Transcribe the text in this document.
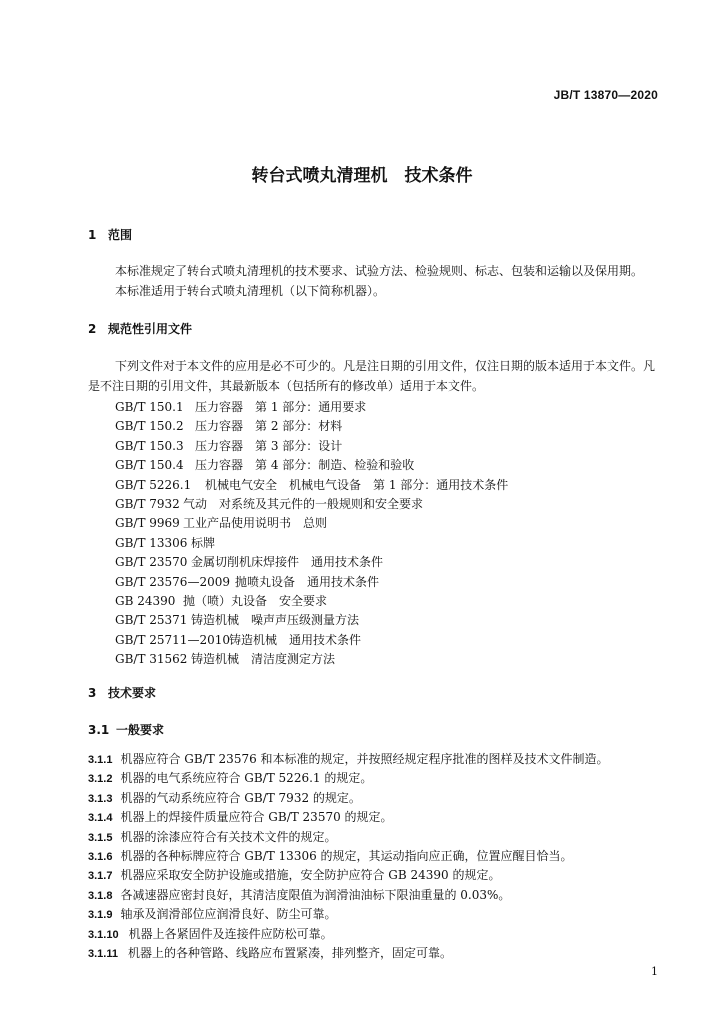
JB/T 13870—2020
转台式喷丸清理机　技术条件
1 范围
本标准规定了转台式喷丸清理机的技术要求、试验方法、检验规则、标志、包装和运输以及保用期。
本标准适用于转台式喷丸清理机（以下简称机器）。
2 规范性引用文件
下列文件对于本文件的应用是必不可少的。凡是注日期的引用文件，仅注日期的版本适用于本文件。凡是不注日期的引用文件，其最新版本（包括所有的修改单）适用于本文件。
GB/T 150.1 压力容器　第 1 部分：通用要求
GB/T 150.2 压力容器　第 2 部分：材料
GB/T 150.3 压力容器　第 3 部分：设计
GB/T 150.4 压力容器　第 4 部分：制造、检验和验收
GB/T 5226.1 机械电气安全　机械电气设备　第 1 部分：通用技术条件
GB/T 7932 气动　对系统及其元件的一般规则和安全要求
GB/T 9969 工业产品使用说明书　总则
GB/T 13306 标牌
GB/T 23570 金属切削机床焊接件　通用技术条件
GB/T 23576—2009 抛喷丸设备　通用技术条件
GB 24390 抛（喷）丸设备　安全要求
GB/T 25371 铸造机械　噪声声压级测量方法
GB/T 25711—2010铸造机械　通用技术条件
GB/T 31562 铸造机械　清洁度测定方法
3 技术要求
3.1 一般要求
3.1.1 机器应符合 GB/T 23576 和本标准的规定，并按照经规定程序批准的图样及技术文件制造。
3.1.2 机器的电气系统应符合 GB/T 5226.1 的规定。
3.1.3 机器的气动系统应符合 GB/T 7932 的规定。
3.1.4 机器上的焊接件质量应符合 GB/T 23570 的规定。
3.1.5 机器的涂漆应符合有关技术文件的规定。
3.1.6 机器的各种标牌应符合 GB/T 13306 的规定，其运动指向应正确，位置应醒目恰当。
3.1.7 机器应采取安全防护设施或措施，安全防护应符合 GB 24390 的规定。
3.1.8 各减速器应密封良好，其清洁度限值为润滑油油标下限油重量的 0.03%。
3.1.9 轴承及润滑部位应润滑良好、防尘可靠。
3.1.10 机器上各紧固件及连接件应防松可靠。
3.1.11 机器上的各种管路、线路应布置紧凑，排列整齐，固定可靠。
1
